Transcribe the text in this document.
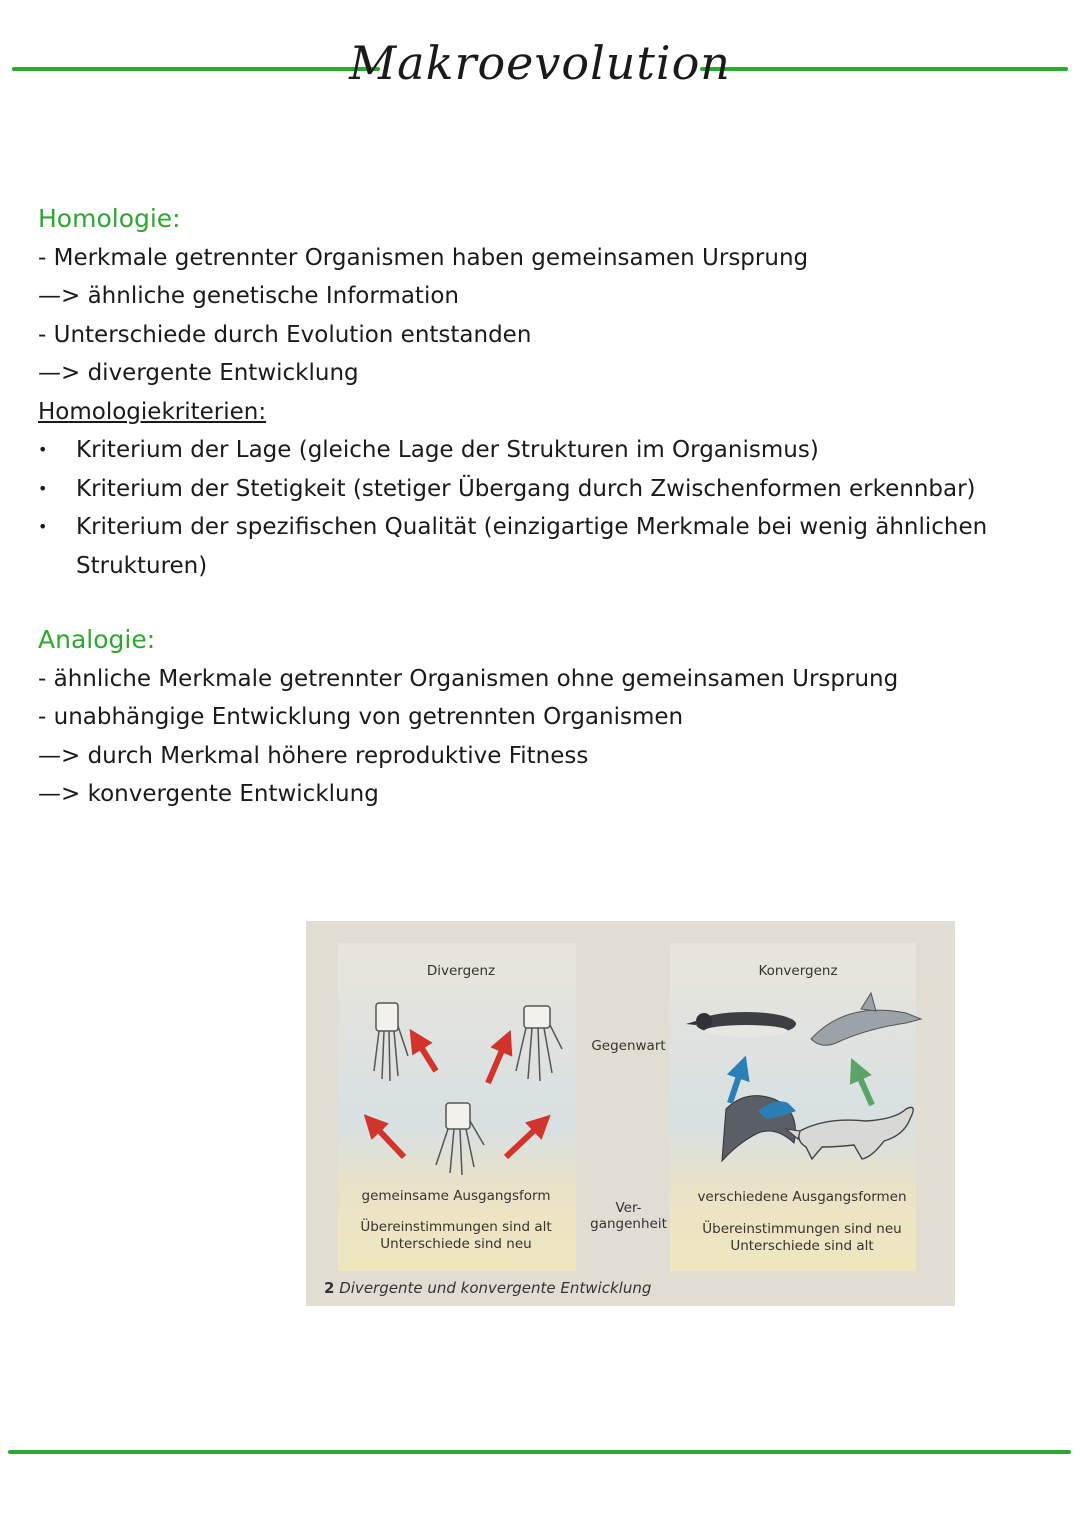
Makroevolution
Homologie:
- Merkmale getrennter Organismen haben gemeinsamen Ursprung
—> ähnliche genetische Information
- Unterschiede durch Evolution entstanden
—> divergente Entwicklung
Homologiekriterien:
• Kriterium der Lage (gleiche Lage der Strukturen im Organismus)
• Kriterium der Stetigkeit (stetiger Übergang durch Zwischenformen erkennbar)
• Kriterium der spezifischen Qualität (einzigartige Merkmale bei wenig ähnlichen Strukturen)
Analogie:
- ähnliche Merkmale getrennter Organismen ohne gemeinsamen Ursprung
- unabhängige Entwicklung von getrennten Organismen
—> durch Merkmal höhere reproduktive Fitness
—> konvergente Entwicklung
Divergenz	Konvergenz
Gegenwart
Ver-
gangenheit
gemeinsame Ausgangsform
Übereinstimmungen sind alt
Unterschiede sind neu
verschiedene Ausgangsformen
Übereinstimmungen sind neu
Unterschiede sind alt
2 Divergente und konvergente Entwicklung
